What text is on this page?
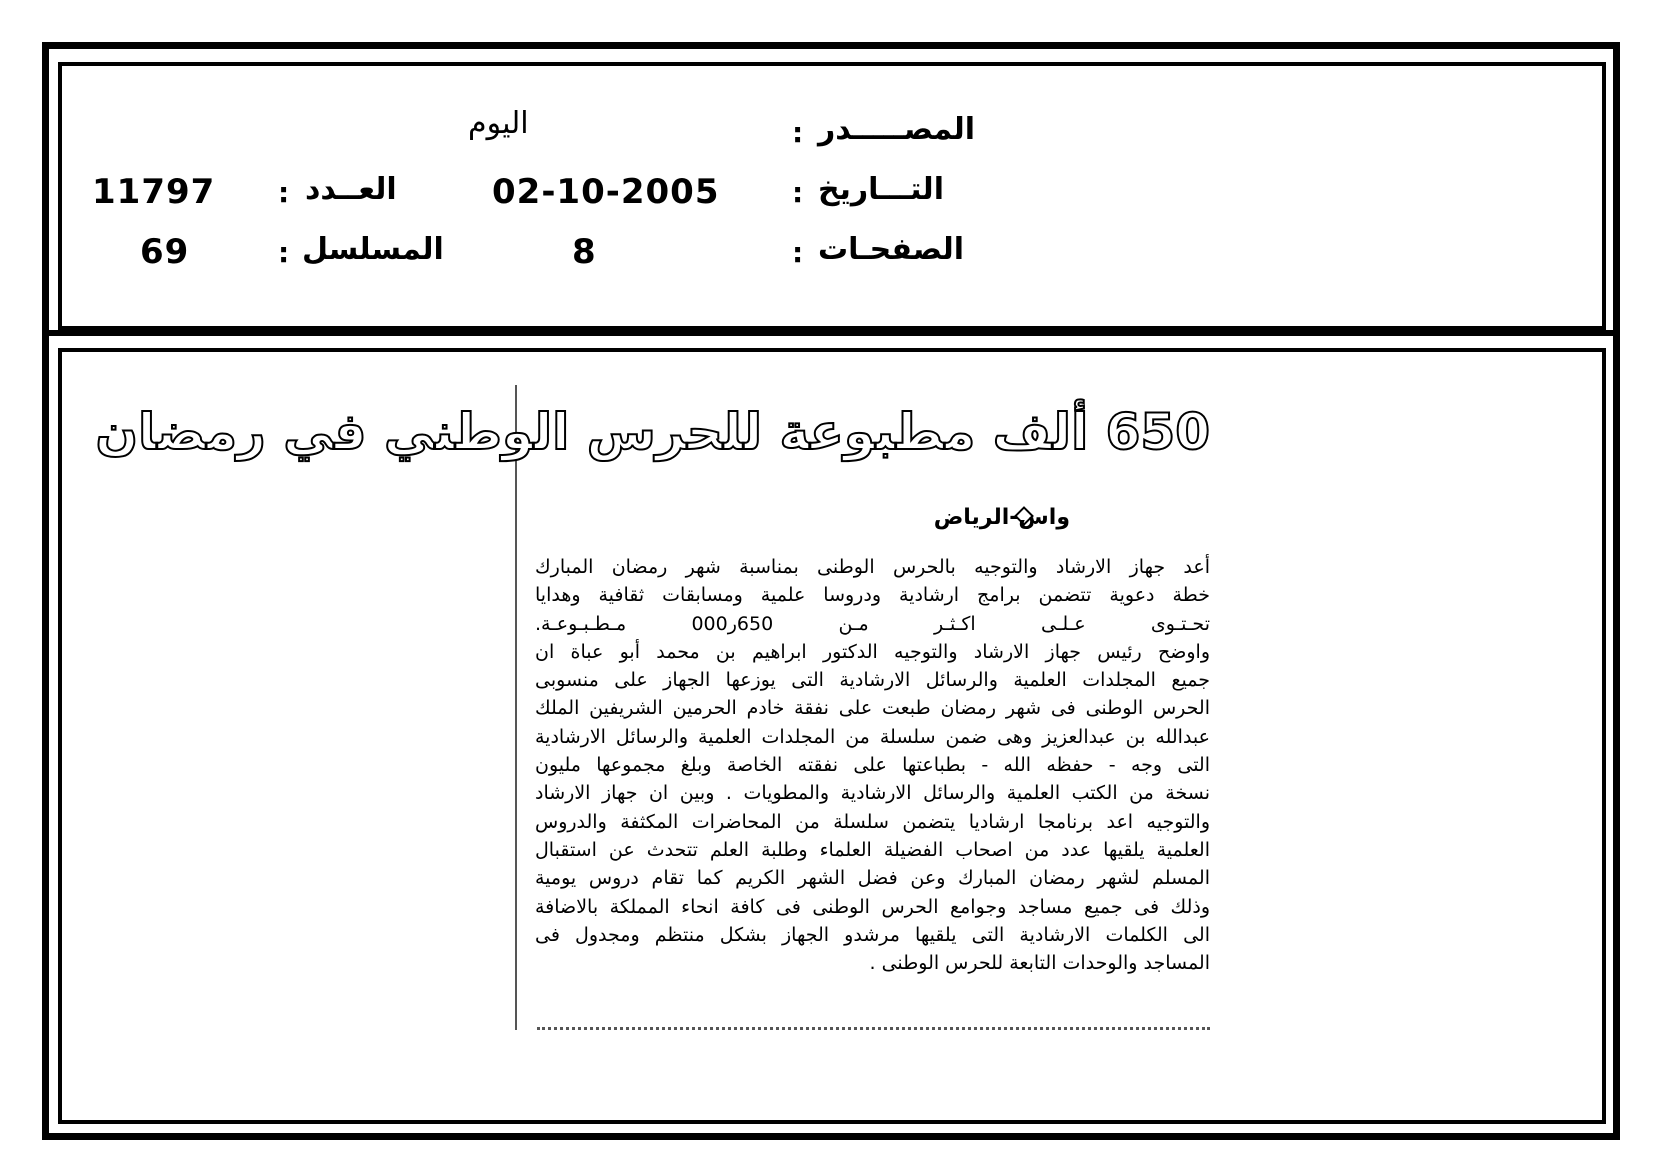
المصـــــدر
:
اليوم
التـــاريخ
:
02-10-2005
العــدد
:
11797
الصفحـات
:
8
المسلسل
:
69
650 ألف مطبوعة للحرس الوطني في رمضان
واس-الرياض
أعد جهاز الارشاد والتوجيه بالحرس الوطنى بمناسبة شهر رمضان المبارك
خطة دعوية تتضمن برامج ارشادية ودروسا علمية ومسابقات ثقافية وهدايا
تحـتـوى عـلـى اكـثـر مـن 650ر000 مـطـبـوعـة.
واوضح رئيس جهاز الارشاد والتوجيه الدكتور ابراهيم بن محمد أبو عباة ان
جميع المجلدات العلمية والرسائل الارشادية التى يوزعها الجهاز على منسوبى
الحرس الوطنى فى شهر رمضان طبعت على نفقة خادم الحرمين الشريفين الملك
عبدالله بن عبدالعزيز وهى ضمن سلسلة من المجلدات العلمية والرسائل الارشادية
التى وجه - حفظه الله - بطباعتها على نفقته الخاصة وبلغ مجموعها مليون
نسخة من الكتب العلمية والرسائل الارشادية والمطويات . وبين ان جهاز الارشاد
والتوجيه اعد برنامجا ارشاديا يتضمن سلسلة من المحاضرات المكثفة والدروس
العلمية يلقيها عدد من اصحاب الفضيلة العلماء وطلبة العلم تتحدث عن استقبال
المسلم لشهر رمضان المبارك وعن فضل الشهر الكريم كما تقام دروس يومية
وذلك فى جميع مساجد وجوامع الحرس الوطنى فى كافة انحاء المملكة بالاضافة
الى الكلمات الارشادية التى يلقيها مرشدو الجهاز بشكل منتظم ومجدول فى
المساجد والوحدات التابعة للحرس الوطنى .
